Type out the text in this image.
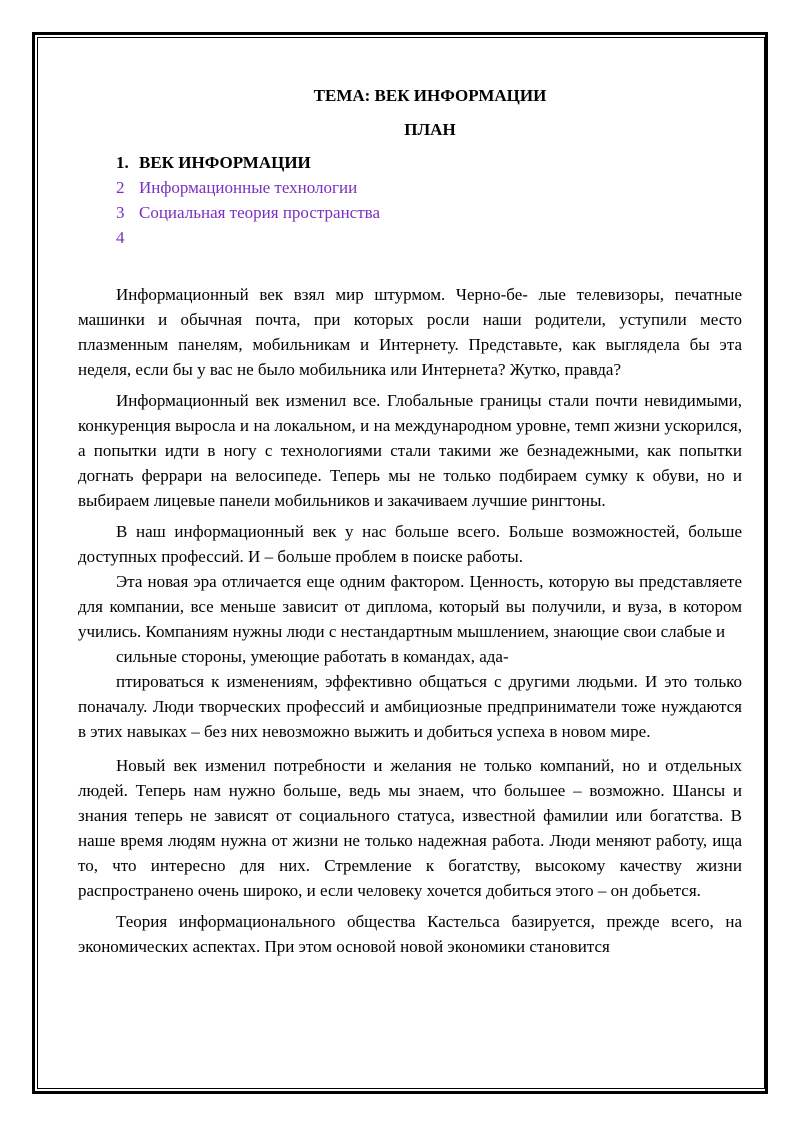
ТЕМА: ВЕК ИНФОРМАЦИИ
ПЛАН
1. ВЕК ИНФОРМАЦИИ
2 Информационные технологии
3 Социальная теория пространства
4

Информационный век взял мир штурмом. Черно-бе- лые телевизоры, печатные машинки и обычная почта, при которых росли наши родители, уступили место плазменным панелям, мобильникам и Интернету. Представьте, как выглядела бы эта неделя, если бы у вас не было мобильника или Интернета? Жутко, правда?

Информационный век изменил все. Глобальные границы стали почти невидимыми, конкуренция выросла и на локальном, и на международном уровне, темп жизни ускорился, а попытки идти в ногу с технологиями стали такими же безнадежными, как попытки догнать феррари на велосипеде. Теперь мы не только подбираем сумку к обуви, но и выбираем лицевые панели мобильников и закачиваем лучшие рингтоны.

В наш информационный век у нас больше всего. Больше возможностей, больше доступных профессий. И – больше проблем в поиске работы.

Эта новая эра отличается еще одним фактором. Ценность, которую вы представляете для компании, все меньше зависит от диплома, который вы получили, и вуза, в котором учились. Компаниям нужны люди с нестандартным мышлением, знающие свои слабые и

сильные стороны, умеющие работать в командах, ада-

птироваться к изменениям, эффективно общаться с другими людьми. И это только поначалу. Люди творческих профессий и амбициозные предприниматели тоже нуждаются в этих навыках – без них невозможно выжить и добиться успеха в новом мире.

Новый век изменил потребности и желания не только компаний, но и отдельных людей. Теперь нам нужно больше, ведь мы знаем, что большее – возможно. Шансы и знания теперь не зависят от социального статуса, известной фамилии или богатства. В наше время людям нужна от жизни не только надежная работа. Люди меняют работу, ища то, что интересно для них. Стремление к богатству, высокому качеству жизни распространено очень широко, и если человеку хочется добиться этого – он добьется.

Теория информационального общества Кастельса базируется, прежде всего, на экономических аспектах. При этом основой новой экономики становится
